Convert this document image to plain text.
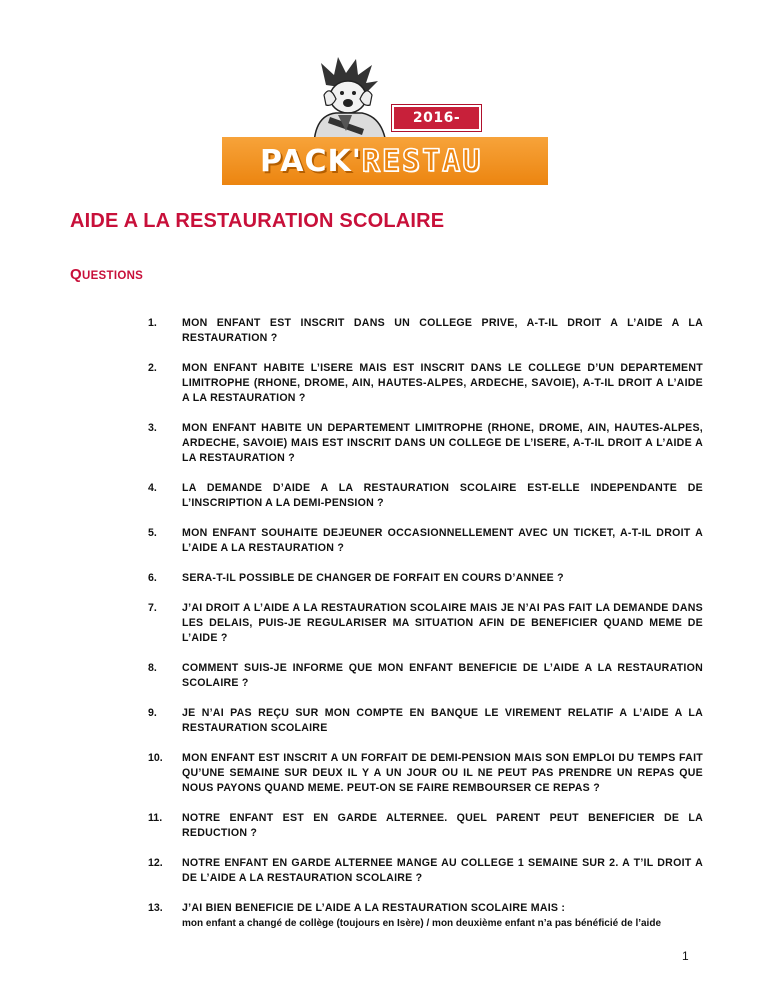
2016-
PACK' RESTAU
AIDE A LA RESTAURATION SCOLAIRE
QUESTIONS
1.	MON ENFANT EST INSCRIT DANS UN COLLEGE PRIVE, A-T-IL DROIT A L’AIDE A LA RESTAURATION ?
2.	MON ENFANT HABITE L’ISERE MAIS EST INSCRIT DANS LE COLLEGE D’UN DEPARTEMENT LIMITROPHE (RHONE, DROME, AIN, HAUTES-ALPES, ARDECHE, SAVOIE), A-T-IL DROIT A L’AIDE A LA RESTAURATION ?
3.	MON ENFANT HABITE UN DEPARTEMENT LIMITROPHE (RHONE, DROME, AIN, HAUTES-ALPES, ARDECHE, SAVOIE) MAIS EST INSCRIT DANS UN COLLEGE DE L’ISERE, A-T-IL DROIT A L’AIDE A LA RESTAURATION ?
4.	LA DEMANDE D’AIDE A LA RESTAURATION SCOLAIRE EST-ELLE INDEPENDANTE DE L’INSCRIPTION A LA DEMI-PENSION ?
5.	MON ENFANT SOUHAITE DEJEUNER OCCASIONNELLEMENT AVEC UN TICKET, A-T-IL DROIT A L’AIDE A LA RESTAURATION ?
6.	SERA-T-IL POSSIBLE DE CHANGER DE FORFAIT EN COURS D’ANNEE ?
7.	J’AI DROIT A L’AIDE A LA RESTAURATION SCOLAIRE MAIS JE N’AI PAS FAIT LA DEMANDE DANS LES DELAIS, PUIS-JE REGULARISER MA SITUATION AFIN DE BENEFICIER QUAND MEME DE L’AIDE ?
8.	COMMENT SUIS-JE INFORME QUE MON ENFANT BENEFICIE DE L’AIDE A LA RESTAURATION SCOLAIRE ?
9.	JE N’AI PAS REÇU SUR MON COMPTE EN BANQUE LE VIREMENT RELATIF A L’AIDE A LA RESTAURATION SCOLAIRE
10.	MON ENFANT EST INSCRIT A UN FORFAIT DE DEMI-PENSION MAIS SON EMPLOI DU TEMPS FAIT QU’UNE SEMAINE SUR DEUX IL Y A UN JOUR OU IL NE PEUT PAS PRENDRE UN REPAS QUE NOUS PAYONS QUAND MEME. PEUT-ON SE FAIRE REMBOURSER CE REPAS ?
11.	NOTRE ENFANT EST EN GARDE ALTERNEE. QUEL PARENT PEUT BENEFICIER DE LA REDUCTION ?
12.	NOTRE ENFANT EN GARDE ALTERNEE MANGE AU COLLEGE 1 SEMAINE SUR 2. A T’IL DROIT A DE L’AIDE A LA RESTAURATION SCOLAIRE ?
13.	J’AI BIEN BENEFICIE DE L’AIDE A LA RESTAURATION SCOLAIRE MAIS :
mon enfant a changé de collège (toujours en Isère) / mon deuxième enfant n’a pas bénéficié de l’aide
1
